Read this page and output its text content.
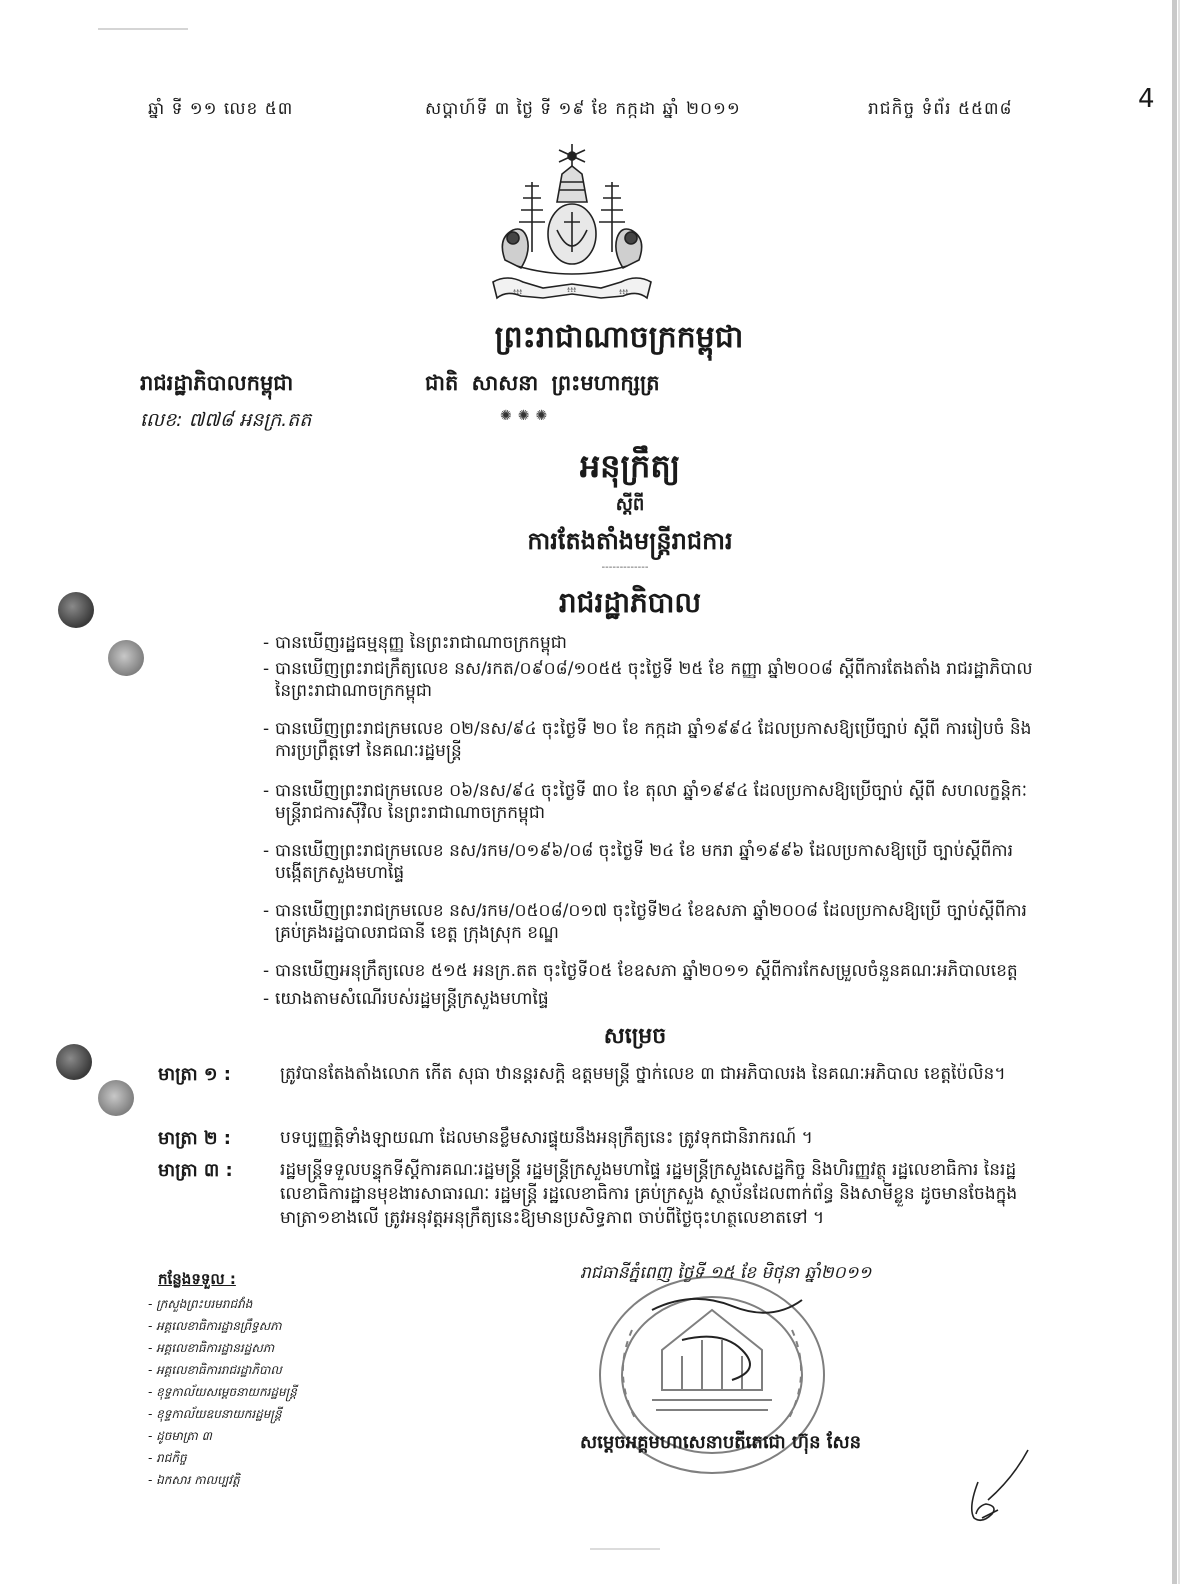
4
ឆ្នាំ ទី ១១ លេខ ៥៣	សប្តាហ៍ទី ៣ ថ្ងៃ ទី ១៩ ខែ កក្កដា ឆ្នាំ ២០១១	រាជកិច្ច ទំព័រ ៥៥៣៨
៖៖៖	៖៖៖	៖៖៖
ព្រះរាជាណាចក្រកម្ពុជា
រាជរដ្ឋាភិបាលកម្ពុជា	ជាតិ សាសនា ព្រះមហាក្សត្រ
លេខ: ៧៧៨ អនក្រ.តត	✺✺✺
អនុក្រឹត្យ
ស្តីពី
ការតែងតាំងមន្ត្រីរាជការ
-------------
រាជរដ្ឋាភិបាល
- បានឃើញរដ្ឋធម្មនុញ្ញ នៃព្រះរាជាណាចក្រកម្ពុជា
- បានឃើញព្រះរាជក្រឹត្យលេខ នស/រកត/០៩០៨/១០៥៥ ចុះថ្ងៃទី ២៥ ខែ កញ្ញា ឆ្នាំ២០០៨ ស្តីពីការតែងតាំង រាជរដ្ឋាភិបាល នៃព្រះរាជាណាចក្រកម្ពុជា
- បានឃើញព្រះរាជក្រមលេខ ០២/នស/៩៤ ចុះថ្ងៃទី ២០ ខែ កក្កដា ឆ្នាំ១៩៩៤ ដែលប្រកាសឱ្យប្រើច្បាប់ ស្តីពី ការរៀបចំ និងការប្រព្រឹត្តទៅ នៃគណៈរដ្ឋមន្ត្រី
- បានឃើញព្រះរាជក្រមលេខ ០៦/នស/៩៤ ចុះថ្ងៃទី ៣០ ខែ តុលា ឆ្នាំ១៩៩៤ ដែលប្រកាសឱ្យប្រើច្បាប់ ស្តីពី សហលក្ខន្តិកៈមន្ត្រីរាជការស៊ីវិល នៃព្រះរាជាណាចក្រកម្ពុជា
- បានឃើញព្រះរាជក្រមលេខ នស/រកម/០១៩៦/០៨ ចុះថ្ងៃទី ២៤ ខែ មករា ឆ្នាំ១៩៩៦ ដែលប្រកាសឱ្យប្រើ ច្បាប់ស្តីពីការបង្កើតក្រសួងមហាផ្ទៃ
- បានឃើញព្រះរាជក្រមលេខ នស/រកម/០៥០៨/០១៧ ចុះថ្ងៃទី២៤ ខែឧសភា ឆ្នាំ២០០៨ ដែលប្រកាសឱ្យប្រើ ច្បាប់ស្តីពីការគ្រប់គ្រងរដ្ឋបាលរាជធានី ខេត្ត ក្រុងស្រុក ខណ្ឌ
- បានឃើញអនុក្រឹត្យលេខ ៥១៥ អនក្រ.តត ចុះថ្ងៃទី០៥ ខែឧសភា ឆ្នាំ២០១១ ស្តីពីការកែសម្រួលចំនួនគណៈអភិបាលខេត្ត
- យោងតាមសំណើរបស់រដ្ឋមន្ត្រីក្រសួងមហាផ្ទៃ
សម្រេច
មាត្រា ១ :	ត្រូវបានតែងតាំងលោក កើត សុធា ឋានន្តរសក្តិ ឧត្តមមន្ត្រី ថ្នាក់លេខ ៣ ជាអភិបាលរង នៃគណៈអភិបាល ខេត្តប៉ៃលិន។
មាត្រា ២ :	បទប្បញ្ញត្តិទាំងឡាយណា ដែលមានខ្លឹមសារផ្ទុយនឹងអនុក្រឹត្យនេះ ត្រូវទុកជានិរាករណ៍ ។
មាត្រា ៣ :	រដ្ឋមន្ត្រីទទួលបន្ទុកទីស្តីការគណៈរដ្ឋមន្ត្រី រដ្ឋមន្ត្រីក្រសួងមហាផ្ទៃ រដ្ឋមន្ត្រីក្រសួងសេដ្ឋកិច្ច និងហិរញ្ញវត្ថុ រដ្ឋលេខាធិការ នៃរដ្ឋលេខាធិការដ្ឋានមុខងារសាធារណៈ រដ្ឋមន្ត្រី រដ្ឋលេខាធិការ គ្រប់ក្រសួង ស្ថាប័នដែលពាក់ព័ន្ធ និងសាមីខ្លួន ដូចមានចែងក្នុងមាត្រា១ខាងលើ ត្រូវអនុវត្តអនុក្រឹត្យនេះឱ្យមានប្រសិទ្ធភាព ចាប់ពីថ្ងៃចុះហត្ថលេខាតទៅ ។
រាជធានីភ្នំពេញ ថ្ងៃទី ១៥ ខែ មិថុនា ឆ្នាំ២០១១
សម្តេចអគ្គមហាសេនាបតីតេជោ ហ៊ុន សែន
កន្លែងទទួល :
- ក្រសួងព្រះបរមរាជវាំង
- អគ្គលេខាធិការដ្ឋានព្រឹទ្ធសភា
- អគ្គលេខាធិការដ្ឋានរដ្ឋសភា
- អគ្គលេខាធិការរាជរដ្ឋាភិបាល
- ខុទ្ទកាល័យសម្តេចនាយករដ្ឋមន្ត្រី
- ខុទ្ទកាល័យឧបនាយករដ្ឋមន្ត្រី
- ដូចមាត្រា ៣
- រាជកិច្ច
- ឯកសារ កាលប្បវត្តិ
